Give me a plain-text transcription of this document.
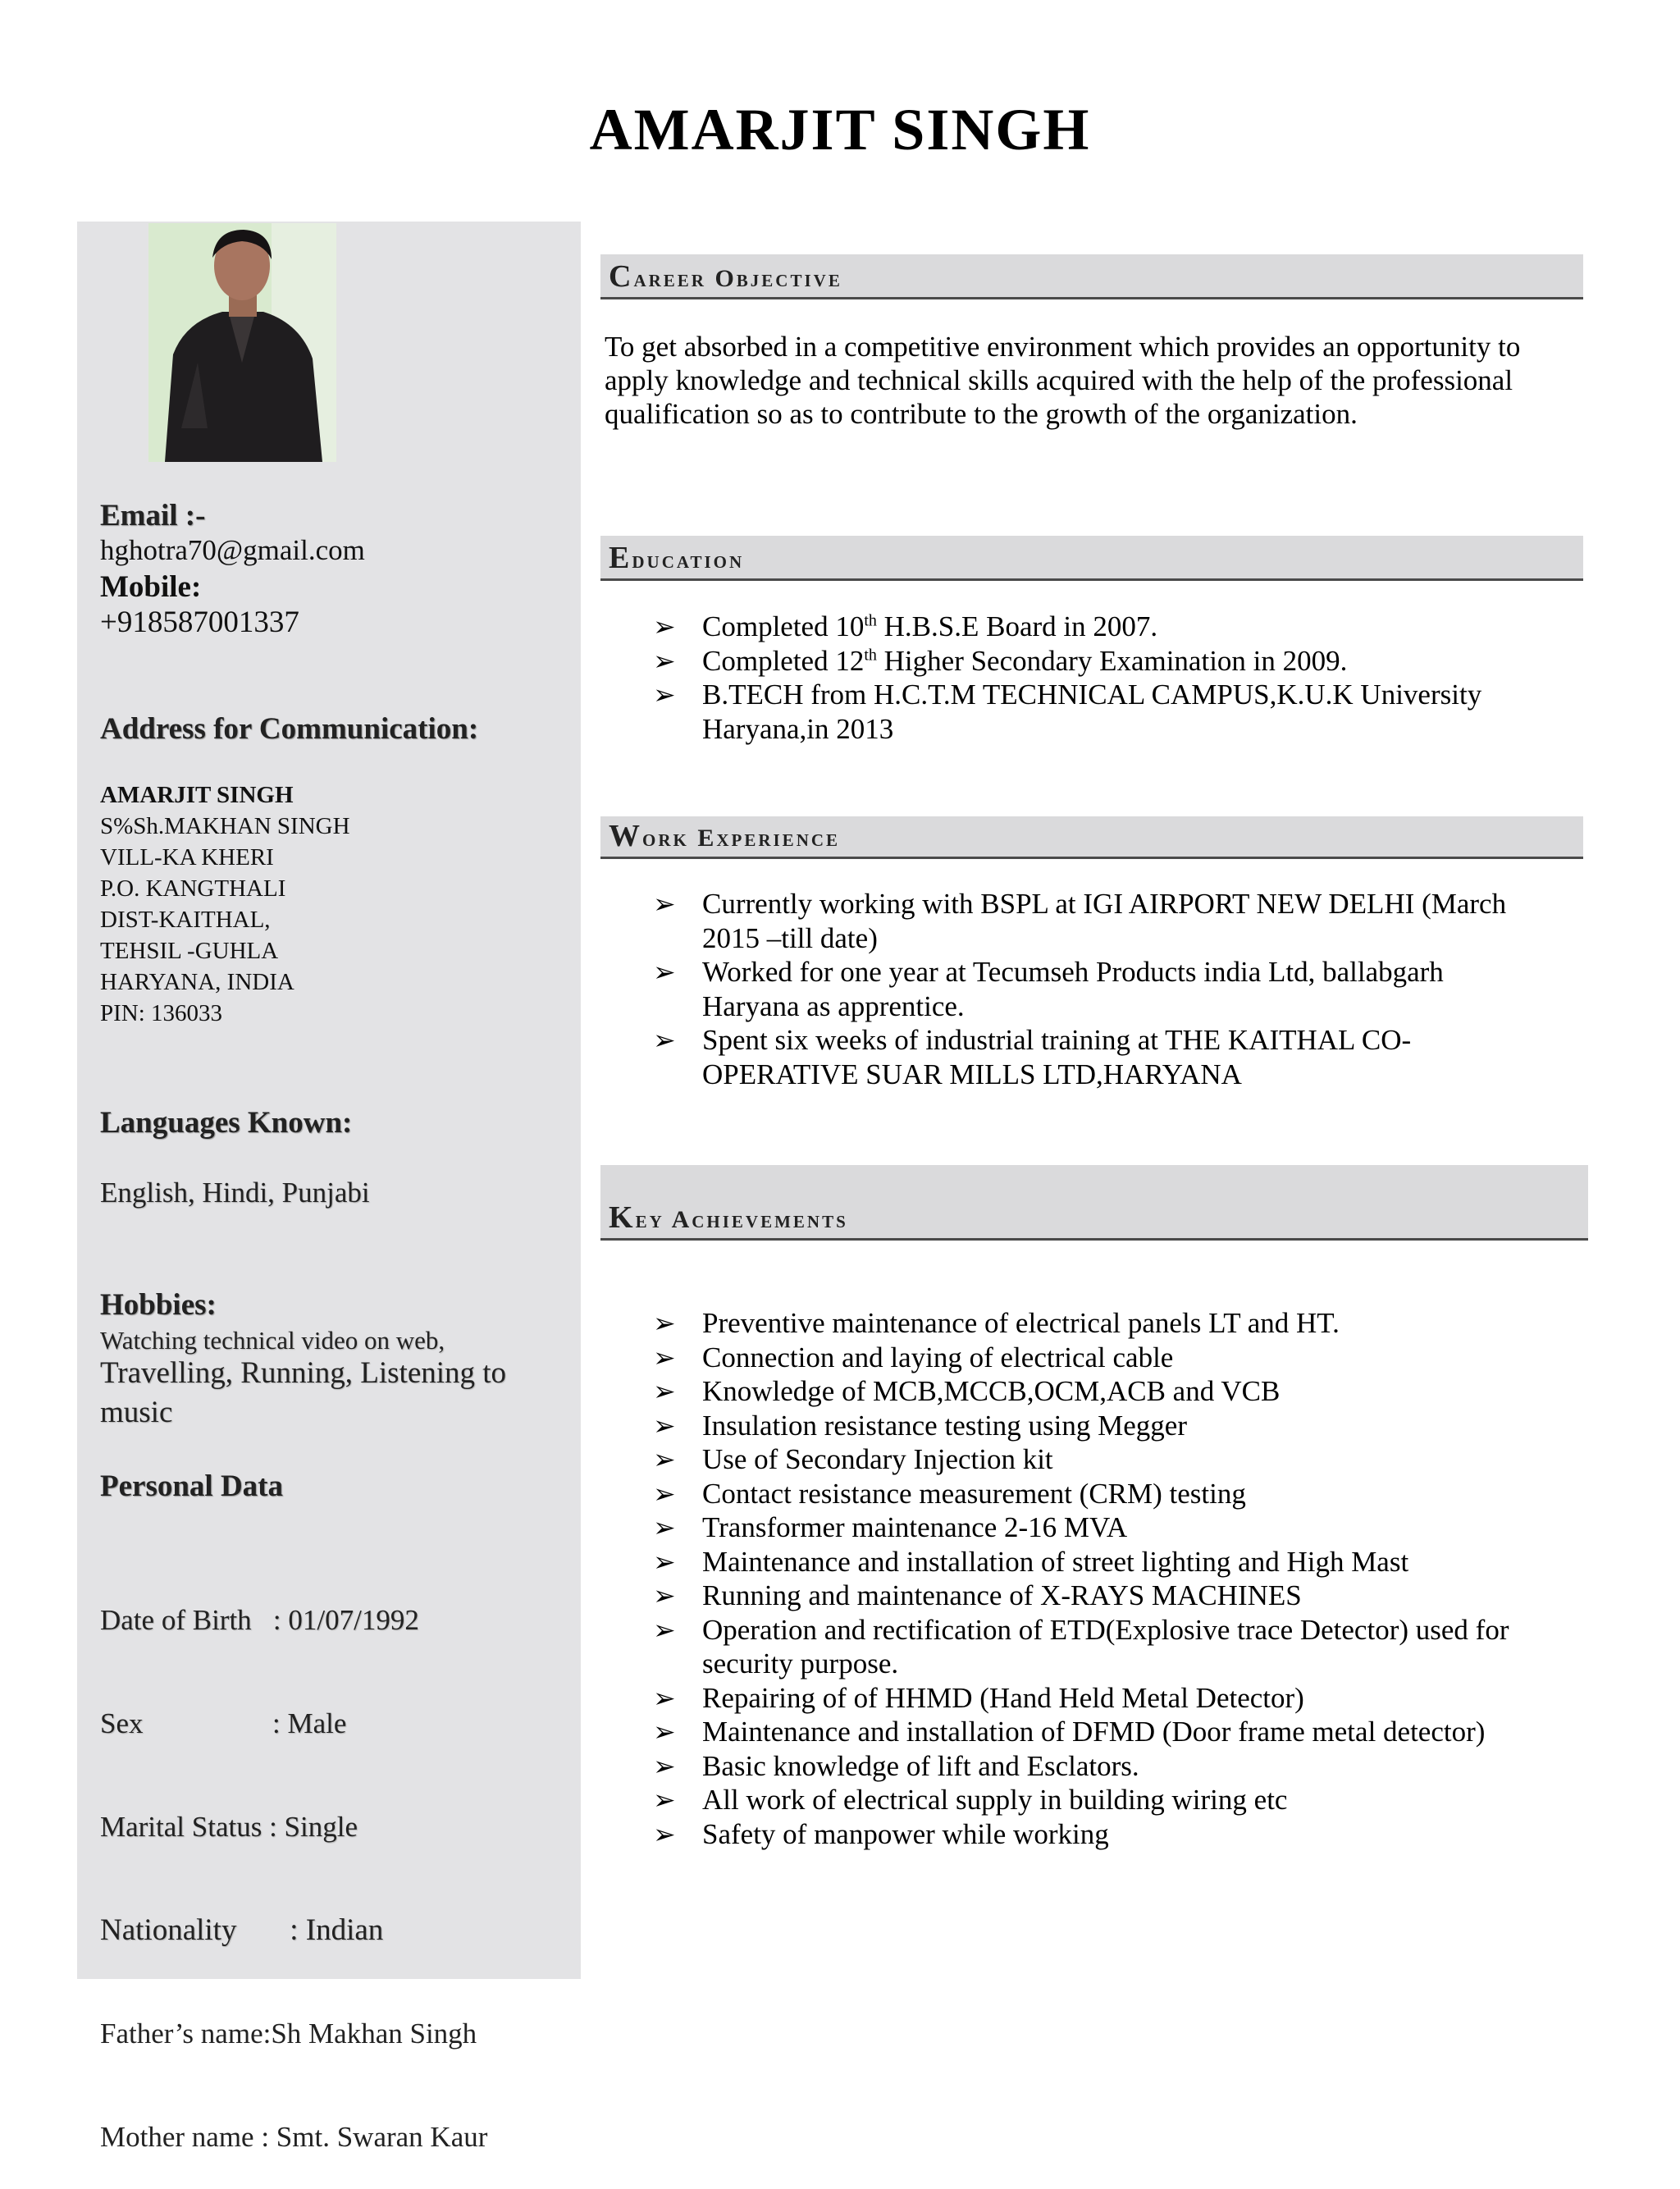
AMARJIT SINGH
Email :-
hghotra70@gmail.com
Mobile:
+918587001337
Address for Communication:
AMARJIT SINGH
S%Sh.MAKHAN SINGH
VILL-KA KHERI
P.O. KANGTHALI
DIST-KAITHAL,
TEHSIL -GUHLA
HARYANA, INDIA
PIN: 136033
Languages Known:
English, Hindi, Punjabi
Hobbies:
Watching technical video on web,
Travelling, Running, Listening to
music
Personal Data

Date of Birth   : 01/07/1992

Sex                  : Male

Marital Status : Single

Nationality       : Indian

Father’s name:Sh Makhan Singh

Mother name : Smt. Swaran Kaur

Career Objective
To get absorbed in a competitive environment which provides an opportunity to
apply knowledge and technical skills acquired with the help of the professional
qualification so as to contribute to the growth of the organization.
Education
➢ Completed 10th H.B.S.E Board in 2007.
➢ Completed 12th Higher Secondary Examination in 2009.
➢ B.TECH from H.C.T.M TECHNICAL CAMPUS,K.U.K University
Haryana,in 2013
Work Experience
➢ Currently working with BSPL at IGI AIRPORT NEW DELHI (March
2015 –till date)
➢ Worked for one year at Tecumseh Products india Ltd, ballabgarh
Haryana as apprentice.
➢ Spent six weeks of industrial training at THE KAITHAL CO-
OPERATIVE SUAR MILLS LTD,HARYANA
Key Achievements
➢ Preventive maintenance of electrical panels LT and HT.
➢ Connection and laying of electrical cable
➢ Knowledge of MCB,MCCB,OCM,ACB and VCB
➢ Insulation resistance testing using Megger
➢ Use of Secondary Injection kit
➢ Contact resistance measurement (CRM) testing
➢ Transformer maintenance 2-16 MVA
➢ Maintenance and installation of street lighting and High Mast
➢ Running and maintenance of X-RAYS MACHINES
➢ Operation and rectification of ETD(Explosive trace Detector) used for
security purpose.
➢ Repairing of of HHMD (Hand Held Metal Detector)
➢ Maintenance and installation of DFMD (Door frame metal detector)
➢ Basic knowledge of lift and Esclators.
➢ All work of electrical supply in building wiring etc
➢ Safety of manpower while working
